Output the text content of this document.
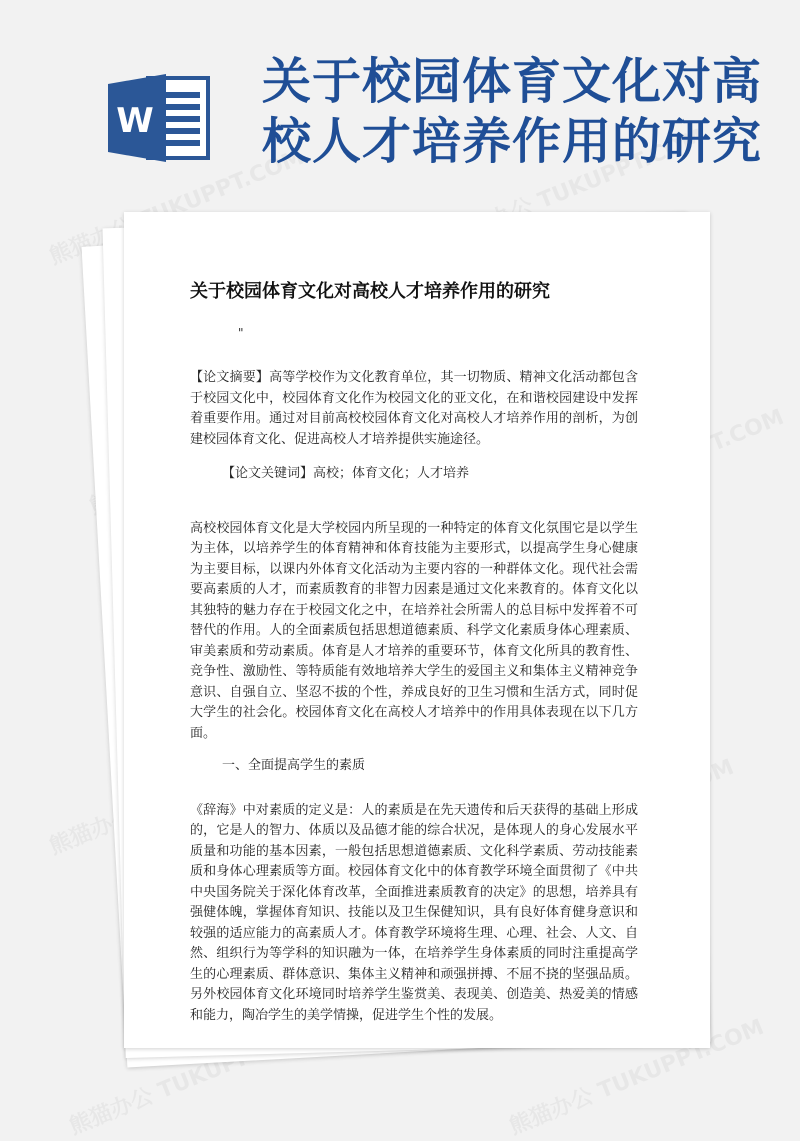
W
关于校园体育文化对高校人才培养作用的研究
关于校园体育文化对高校人才培养作用的研究
"

【论文摘要】高等学校作为文化教育单位，其一切物质、精神文化活动都包含于校园文化中，校园体育文化作为校园文化的亚文化，在和谐校园建设中发挥着重要作用。通过对目前高校校园体育文化对高校人才培养作用的剖析，为创建校园体育文化、促进高校人才培养提供实施途径。

【论文关键词】高校；体育文化；人才培养

高校校园体育文化是大学校园内所呈现的一种特定的体育文化氛围它是以学生为主体，以培养学生的体育精神和体育技能为主要形式，以提高学生身心健康为主要目标，以课内外体育文化活动为主要内容的一种群体文化。现代社会需要高素质的人才，而素质教育的非智力因素是通过文化来教育的。体育文化以其独特的魅力存在于校园文化之中，在培养社会所需人的总目标中发挥着不可替代的作用。人的全面素质包括思想道德素质、科学文化素质身体心理素质、审美素质和劳动素质。体育是人才培养的重要环节，体育文化所具的教育性、竞争性、激励性、等特质能有效地培养大学生的爱国主义和集体主义精神竞争意识、自强自立、坚忍不拔的个性，养成良好的卫生习惯和生活方式，同时促大学生的社会化。校园体育文化在高校人才培养中的作用具体表现在以下几方面。

一、全面提高学生的素质

《辞海》中对素质的定义是：人的素质是在先天遗传和后天获得的基础上形成的，它是人的智力、体质以及品德才能的综合状况，是体现人的身心发展水平质量和功能的基本因素，一般包括思想道德素质、文化科学素质、劳动技能素质和身体心理素质等方面。校园体育文化中的体育教学环境全面贯彻了《中共中央国务院关于深化体育改革，全面推进素质教育的决定》的思想，培养具有强健体魄，掌握体育知识、技能以及卫生保健知识，具有良好体育健身意识和较强的适应能力的高素质人才。体育教学环境将生理、心理、社会、人文、自然、组织行为等学科的知识融为一体，在培养学生身体素质的同时注重提高学生的心理素质、群体意识、集体主义精神和顽强拼搏、不屈不挠的坚强品质。另外校园体育文化环境同时培养学生鉴赏美、表现美、创造美、热爱美的情感和能力，陶冶学生的美学情操，促进学生个性的发展。
